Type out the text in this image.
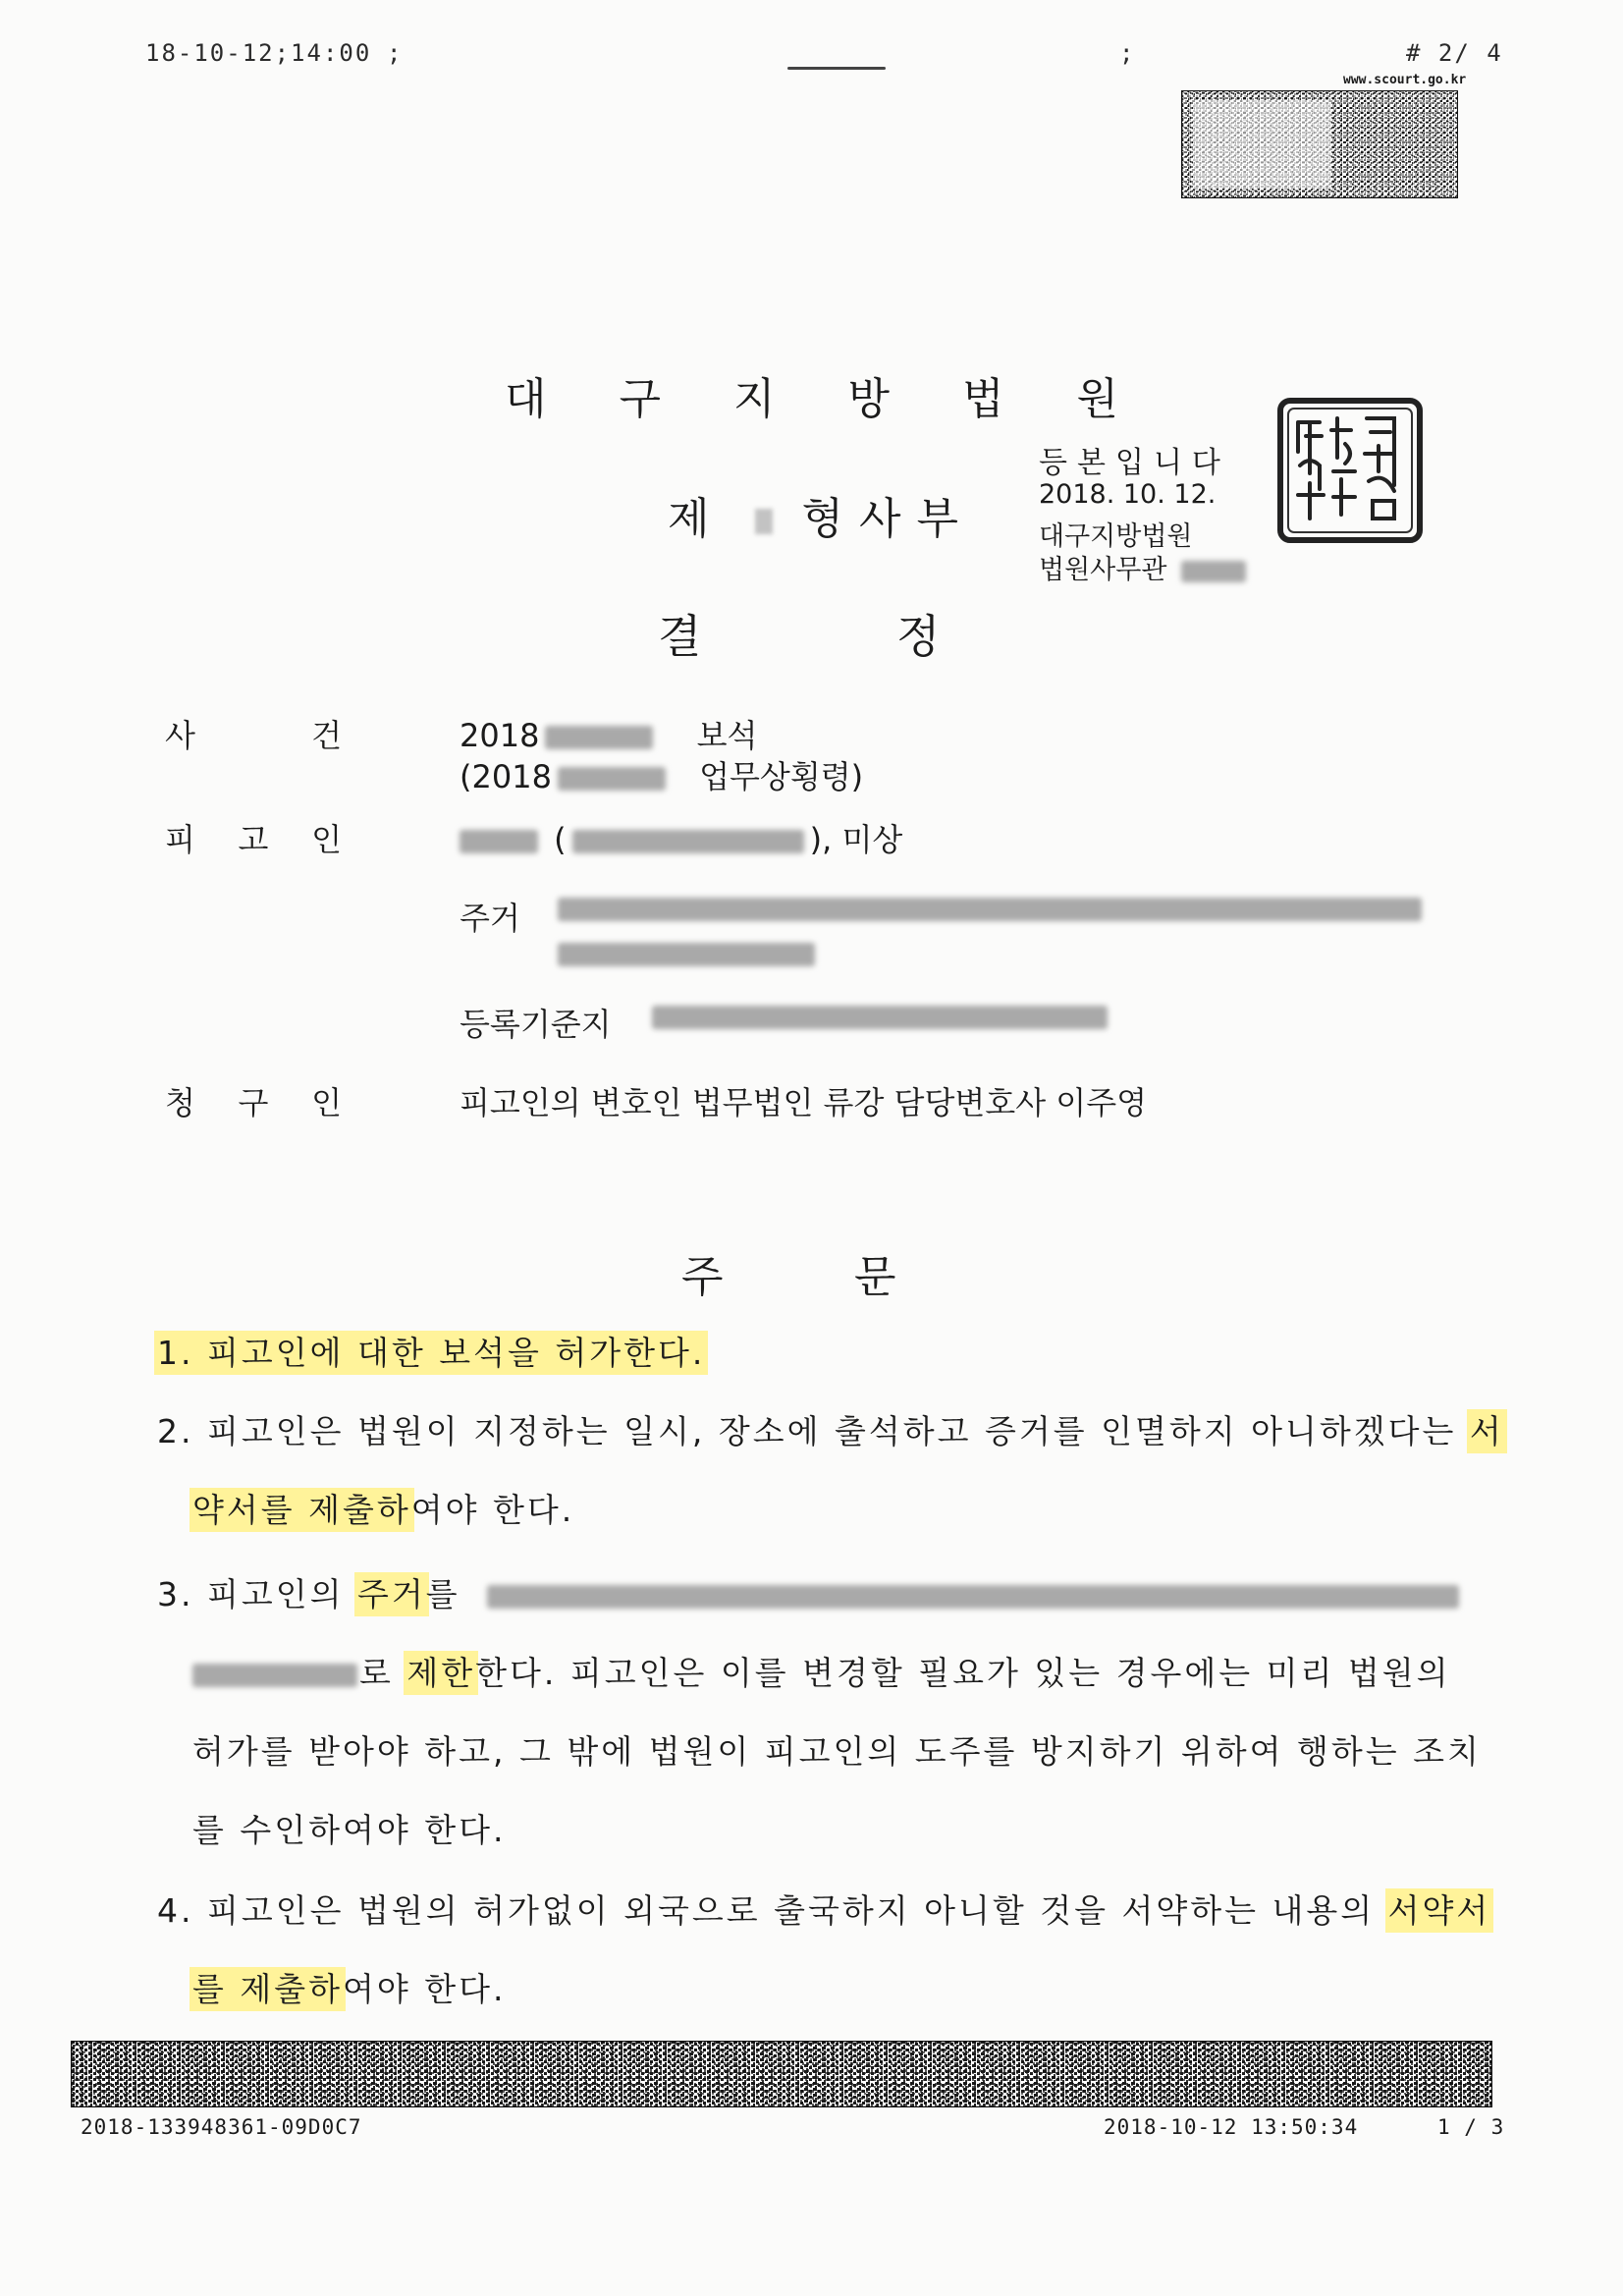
18-10-12;14:00 ;	;	# 2/ 4
www.scourt.go.kr
대 구 지 방 법 원
제 형사부
결	정
등본입니다
2018. 10. 12.
대구지방법원
법원사무관
사	건	2018	보석
(2018	업무상횡령)
피 고 인	(	), 미상
주거
등록기준지
청 구 인	피고인의 변호인 법무법인 류강 담당변호사 이주영
주	문
1. 피고인에 대한 보석을 허가한다.
2. 피고인은 법원이 지정하는 일시, 장소에 출석하고 증거를 인멸하지 아니하겠다는 서
약서를 제출하여야 한다.
3. 피고인의 주거를
로 제한한다. 피고인은 이를 변경할 필요가 있는 경우에는 미리 법원의
허가를 받아야 하고, 그 밖에 법원이 피고인의 도주를 방지하기 위하여 행하는 조치
를 수인하여야 한다.
4. 피고인은 법원의 허가없이 외국으로 출국하지 아니할 것을 서약하는 내용의 서약서
를 제출하여야 한다.
2018-133948361-09D0C7	2018-10-12 13:50:34	1 / 3
